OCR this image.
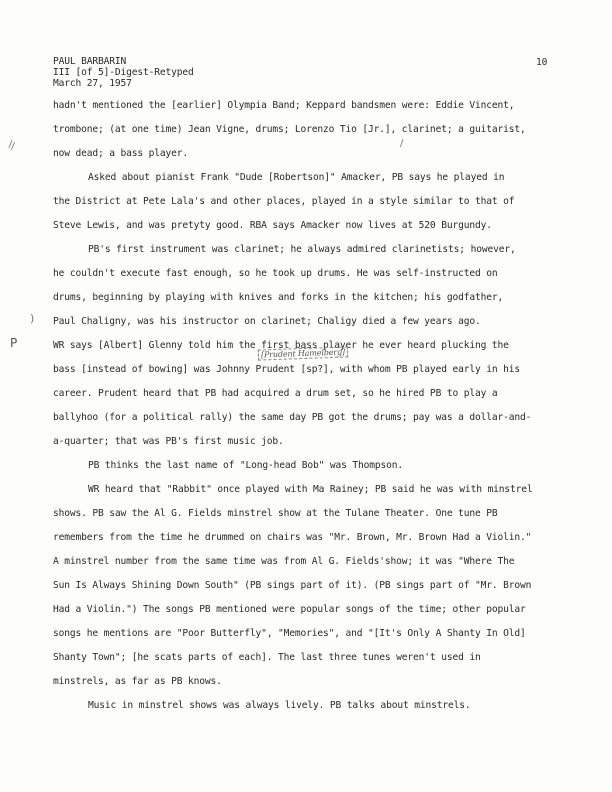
PAUL BARBARIN
III [of 5]-Digest-Retyped
March 27, 1957
10
hadn't mentioned the [earlier] Olympia Band; Keppard bandsmen were: Eddie Vincent,
trombone; (at one time) Jean Vigne, drums; Lorenzo Tio [Jr.], clarinet; a guitarist,
now dead; a bass player.
Asked about pianist Frank "Dude [Robertson]" Amacker, PB says he played in
the District at Pete Lala's and other places, played in a style similar to that of
Steve Lewis, and was pretyty good. RBA says Amacker now lives at 520 Burgundy.
PB's first instrument was clarinet; he always admired clarinetists; however,
he couldn't execute fast enough, so he took up drums. He was self-instructed on
drums, beginning by playing with knives and forks in the kitchen; his godfather,
Paul Chaligny, was his instructor on clarinet; Chaligy died a few years ago.
WR says [Albert] Glenny told him the first bass player he ever heard plucking the
bass [instead of bowing] was Johnny Prudent [sp?], with whom PB played early in his
career. Prudent heard that PB had acquired a drum set, so he hired PB to play a
ballyhoo (for a political rally) the same day PB got the drums; pay was a dollar-and-
a-quarter; that was PB's first music job.
PB thinks the last name of "Long-head Bob" was Thompson.
WR heard that "Rabbit" once played with Ma Rainey; PB said he was with minstrel
shows. PB saw the Al G. Fields minstrel show at the Tulane Theater. One tune PB
remembers from the time he drummed on chairs was "Mr. Brown, Mr. Brown Had a Violin."
A minstrel number from the same time was from Al G. Fields'show; it was "Where The
Sun Is Always Shining Down South" (PB sings part of it). (PB sings part of "Mr. Brown
Had a Violin.") The songs PB mentioned were popular songs of the time; other popular
songs he mentions are "Poor Butterfly", "Memories", and "[It's Only A Shanty In Old]
Shanty Town"; [he scats parts of each]. The last three tunes weren't used in
minstrels, as far as PB knows.
Music in minstrel shows was always lively. PB talks about minstrels.
[Prudent Hamelberg]
\\
)
P
/
